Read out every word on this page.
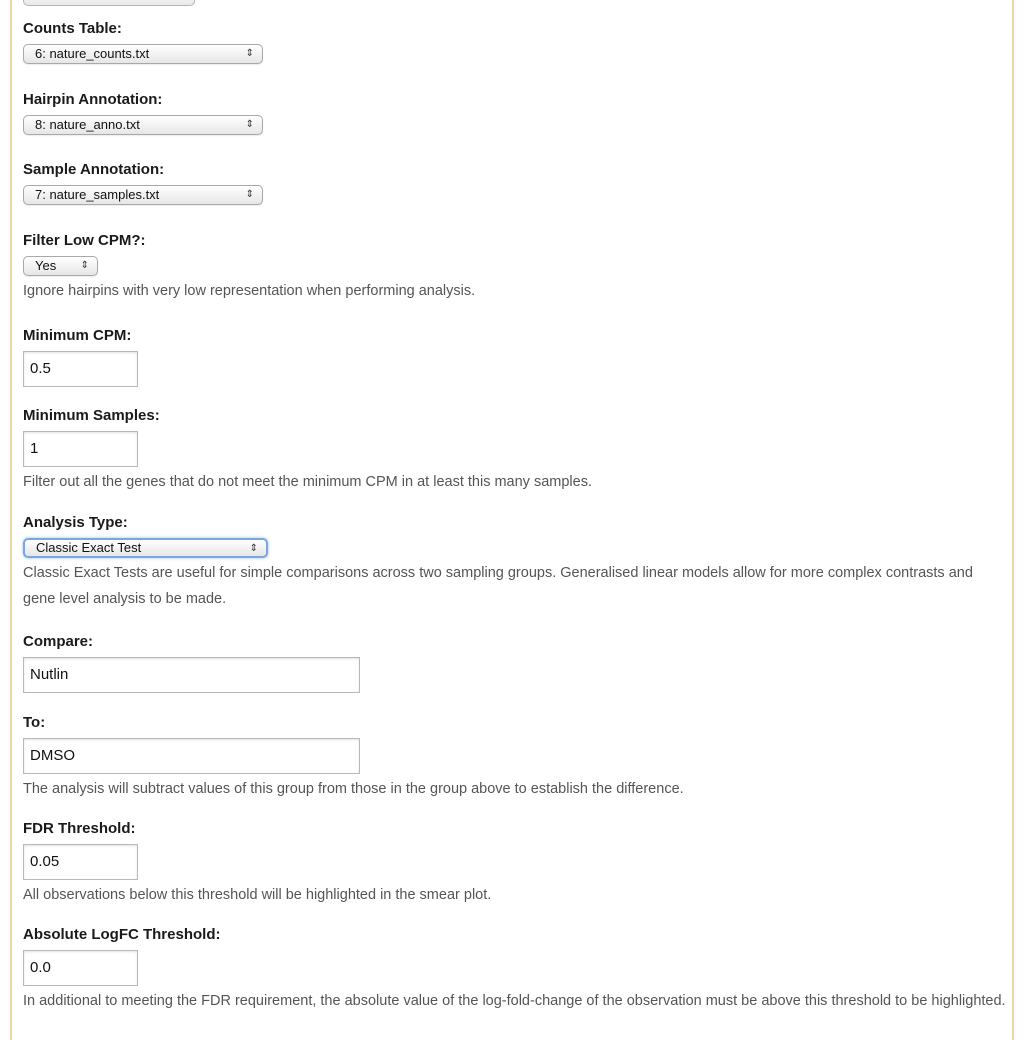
Counts Table:
6: nature_counts.txt	⇕
Hairpin Annotation:
8: nature_anno.txt	⇕
Sample Annotation:
7: nature_samples.txt	⇕
Filter Low CPM?:
Yes ⇕
Ignore hairpins with very low representation when performing analysis.
Minimum CPM:
0.5
Minimum Samples:
1
Filter out all the genes that do not meet the minimum CPM in at least this many samples.
Analysis Type:
Classic Exact Test	⇕
Classic Exact Tests are useful for simple comparisons across two sampling groups. Generalised linear models allow for more complex contrasts and gene level analysis to be made.
Compare:
Nutlin
To:
DMSO
The analysis will subtract values of this group from those in the group above to establish the difference.
FDR Threshold:
0.05
All observations below this threshold will be highlighted in the smear plot.
Absolute LogFC Threshold:
0.0
In additional to meeting the FDR requirement, the absolute value of the log-fold-change of the observation must be above this threshold to be highlighted.
